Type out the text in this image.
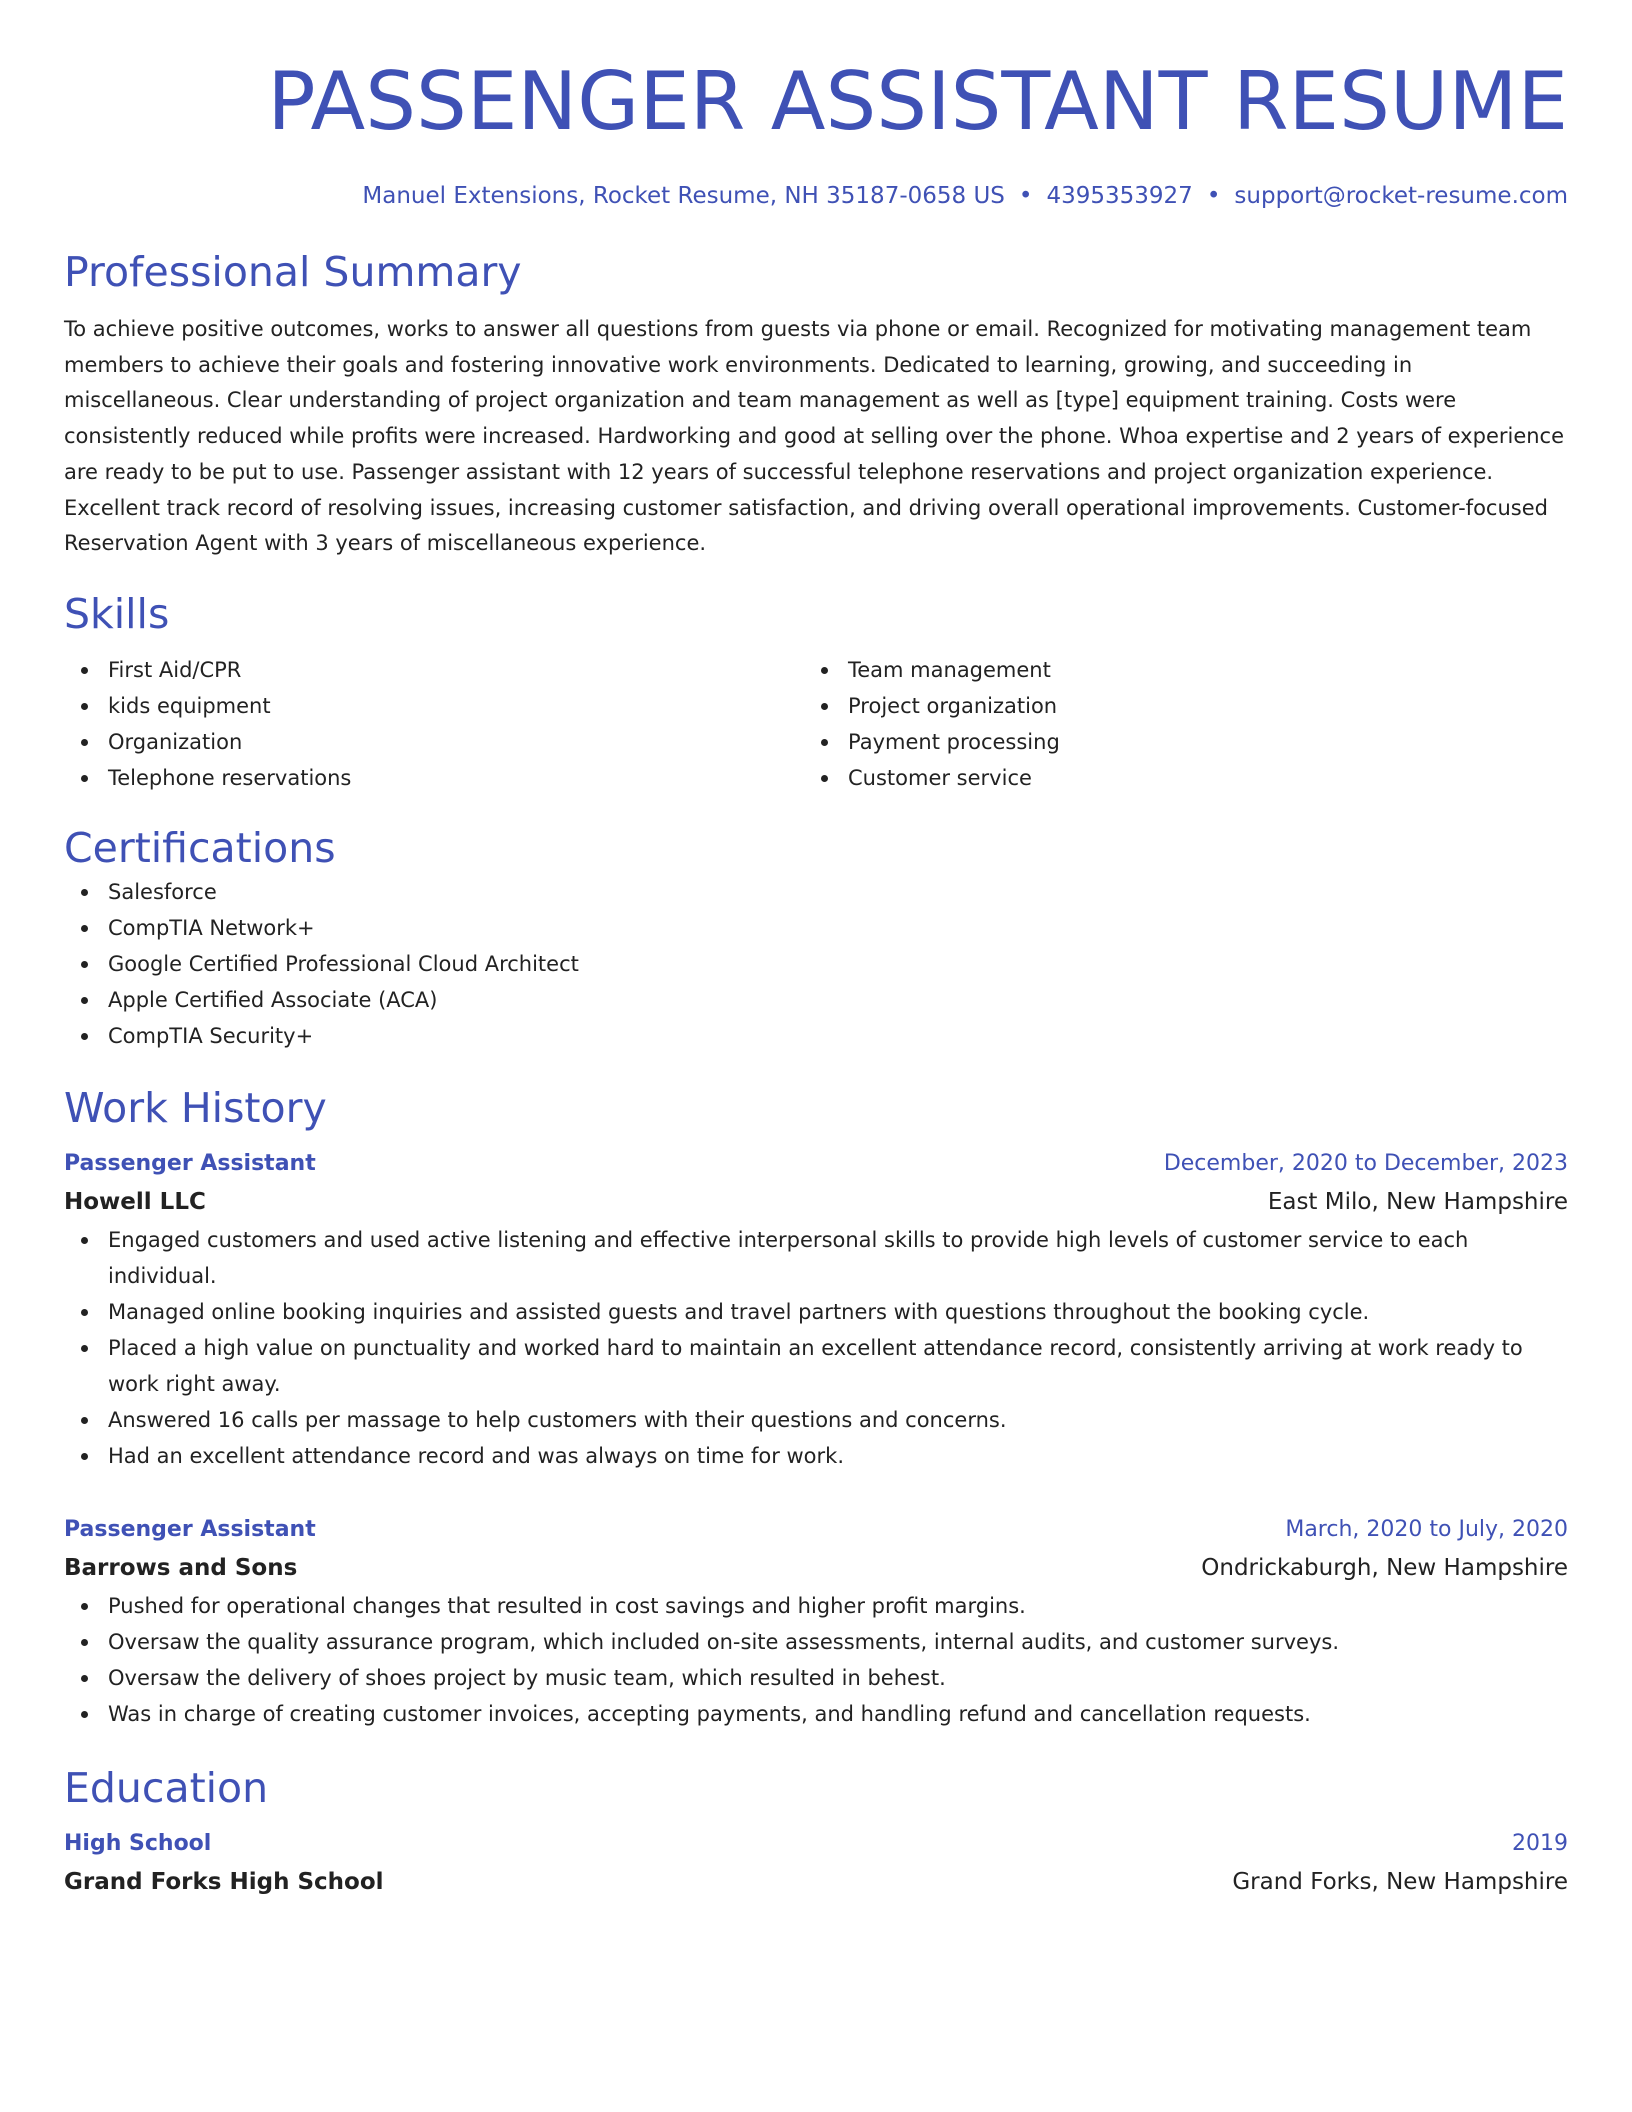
PASSENGER ASSISTANT RESUME
Manuel Extensions, Rocket Resume, NH 35187-0658 US • 4395353927 • support@rocket-resume.com
Professional Summary
To achieve positive outcomes, works to answer all questions from guests via phone or email. Recognized for motivating management team members to achieve their goals and fostering innovative work environments. Dedicated to learning, growing, and succeeding in miscellaneous. Clear understanding of project organization and team management as well as [type] equipment training. Costs were consistently reduced while profits were increased. Hardworking and good at selling over the phone. Whoa expertise and 2 years of experience are ready to be put to use. Passenger assistant with 12 years of successful telephone reservations and project organization experience. Excellent track record of resolving issues, increasing customer satisfaction, and driving overall operational improvements. Customer-focused Reservation Agent with 3 years of miscellaneous experience.
Skills
First Aid/CPR
kids equipment
Organization
Telephone reservations
Team management
Project organization
Payment processing
Customer service
Certifications
Salesforce
CompTIA Network+
Google Certified Professional Cloud Architect
Apple Certified Associate (ACA)
CompTIA Security+
Work History
Passenger Assistant	December, 2020 to December, 2023
Howell LLC	East Milo, New Hampshire
Engaged customers and used active listening and effective interpersonal skills to provide high levels of customer service to each individual.
Managed online booking inquiries and assisted guests and travel partners with questions throughout the booking cycle.
Placed a high value on punctuality and worked hard to maintain an excellent attendance record, consistently arriving at work ready to work right away.
Answered 16 calls per massage to help customers with their questions and concerns.
Had an excellent attendance record and was always on time for work.
Passenger Assistant	March, 2020 to July, 2020
Barrows and Sons	Ondrickaburgh, New Hampshire
Pushed for operational changes that resulted in cost savings and higher profit margins.
Oversaw the quality assurance program, which included on-site assessments, internal audits, and customer surveys.
Oversaw the delivery of shoes project by music team, which resulted in behest.
Was in charge of creating customer invoices, accepting payments, and handling refund and cancellation requests.
Education
High School	2019
Grand Forks High School	Grand Forks, New Hampshire
